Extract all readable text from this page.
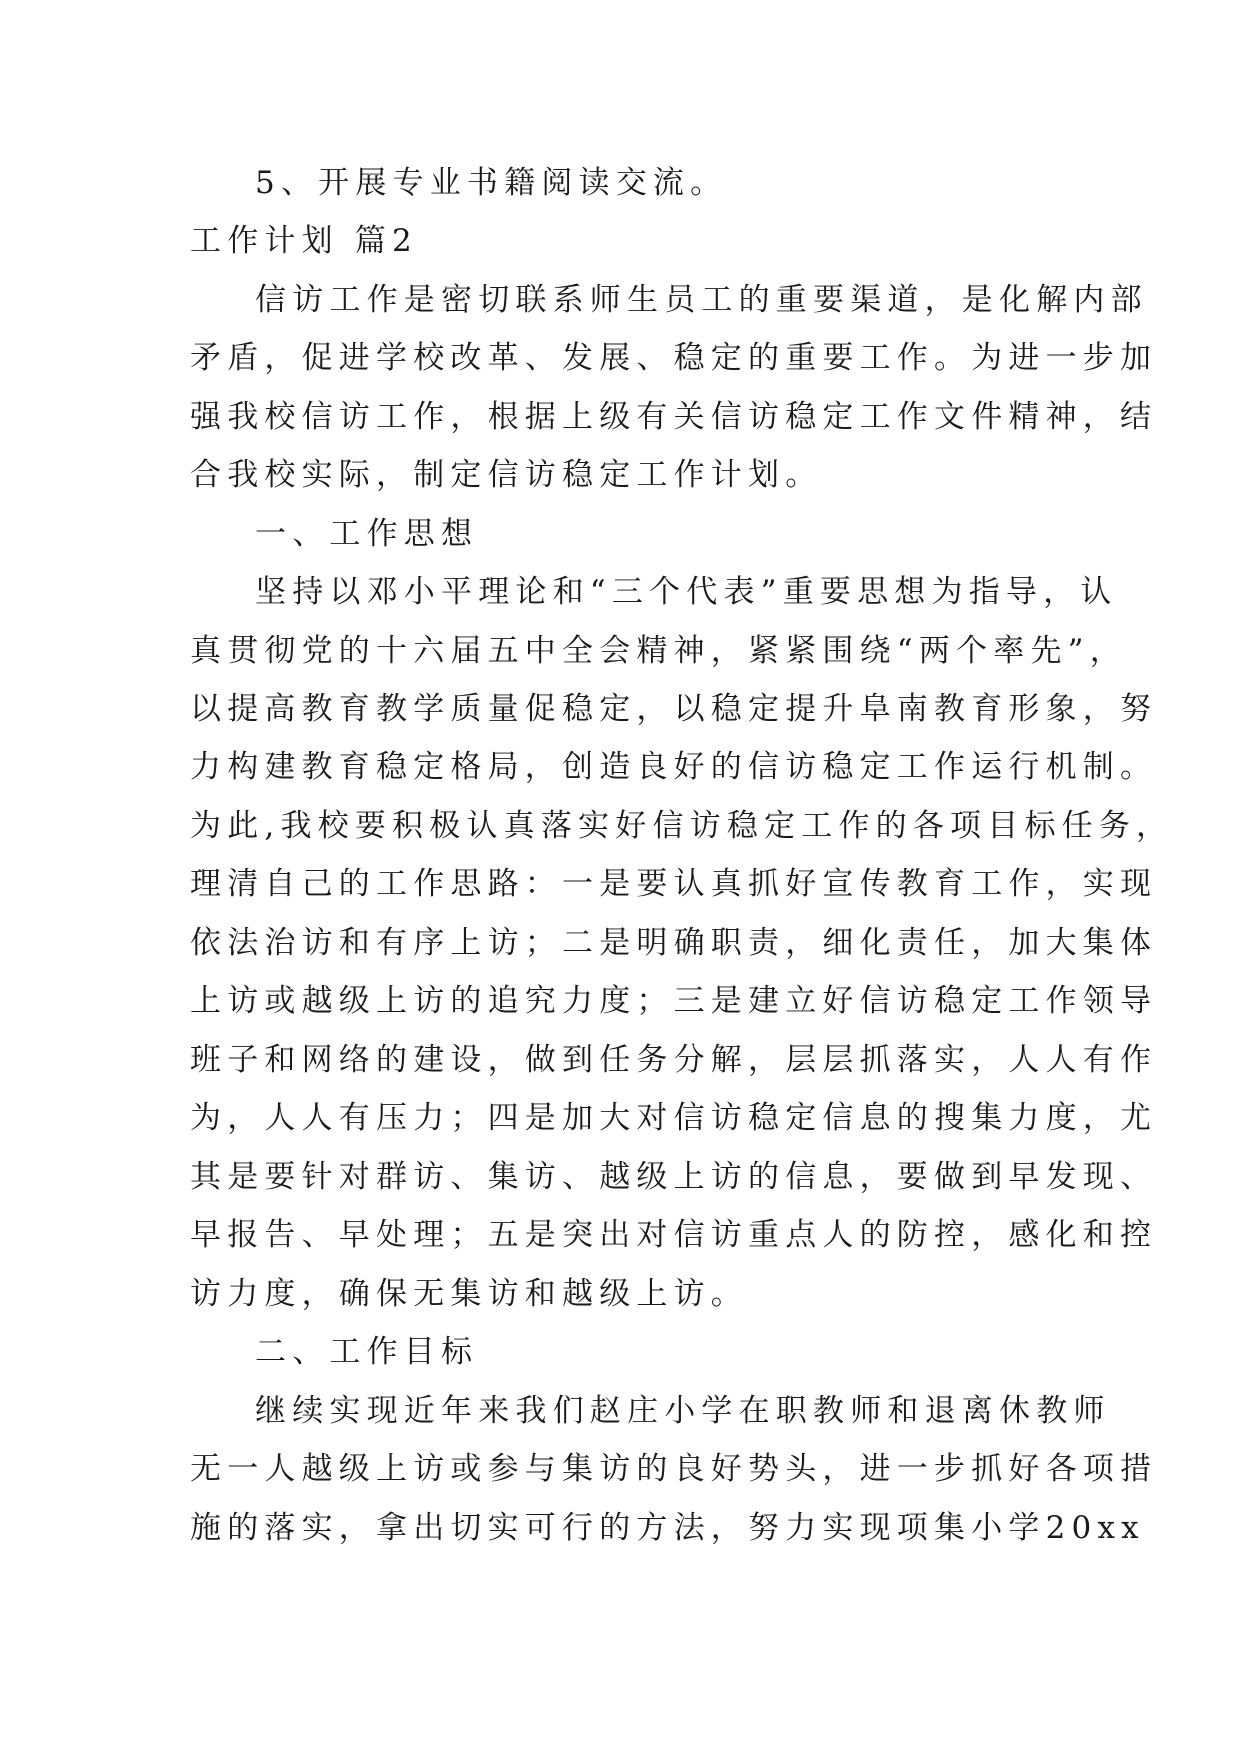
5、开展专业书籍阅读交流。
工作计划 篇2
信访工作是密切联系师生员工的重要渠道，是化解内部
矛盾，促进学校改革、发展、稳定的重要工作。为进一步加
强我校信访工作，根据上级有关信访稳定工作文件精神，结
合我校实际，制定信访稳定工作计划。
一、工作思想
坚持以邓小平理论和“三个代表”重要思想为指导，认
真贯彻党的十六届五中全会精神，紧紧围绕“两个率先”，
以提高教育教学质量促稳定，以稳定提升阜南教育形象，努
力构建教育稳定格局，创造良好的信访稳定工作运行机制。
为此,我校要积极认真落实好信访稳定工作的各项目标任务，
理清自己的工作思路：一是要认真抓好宣传教育工作，实现
依法治访和有序上访；二是明确职责，细化责任，加大集体
上访或越级上访的追究力度；三是建立好信访稳定工作领导
班子和网络的建设，做到任务分解，层层抓落实，人人有作
为，人人有压力；四是加大对信访稳定信息的搜集力度，尤
其是要针对群访、集访、越级上访的信息，要做到早发现、
早报告、早处理；五是突出对信访重点人的防控，感化和控
访力度，确保无集访和越级上访。
二、工作目标
继续实现近年来我们赵庄小学在职教师和退离休教师
无一人越级上访或参与集访的良好势头，进一步抓好各项措
施的落实，拿出切实可行的方法，努力实现项集小学20xx
